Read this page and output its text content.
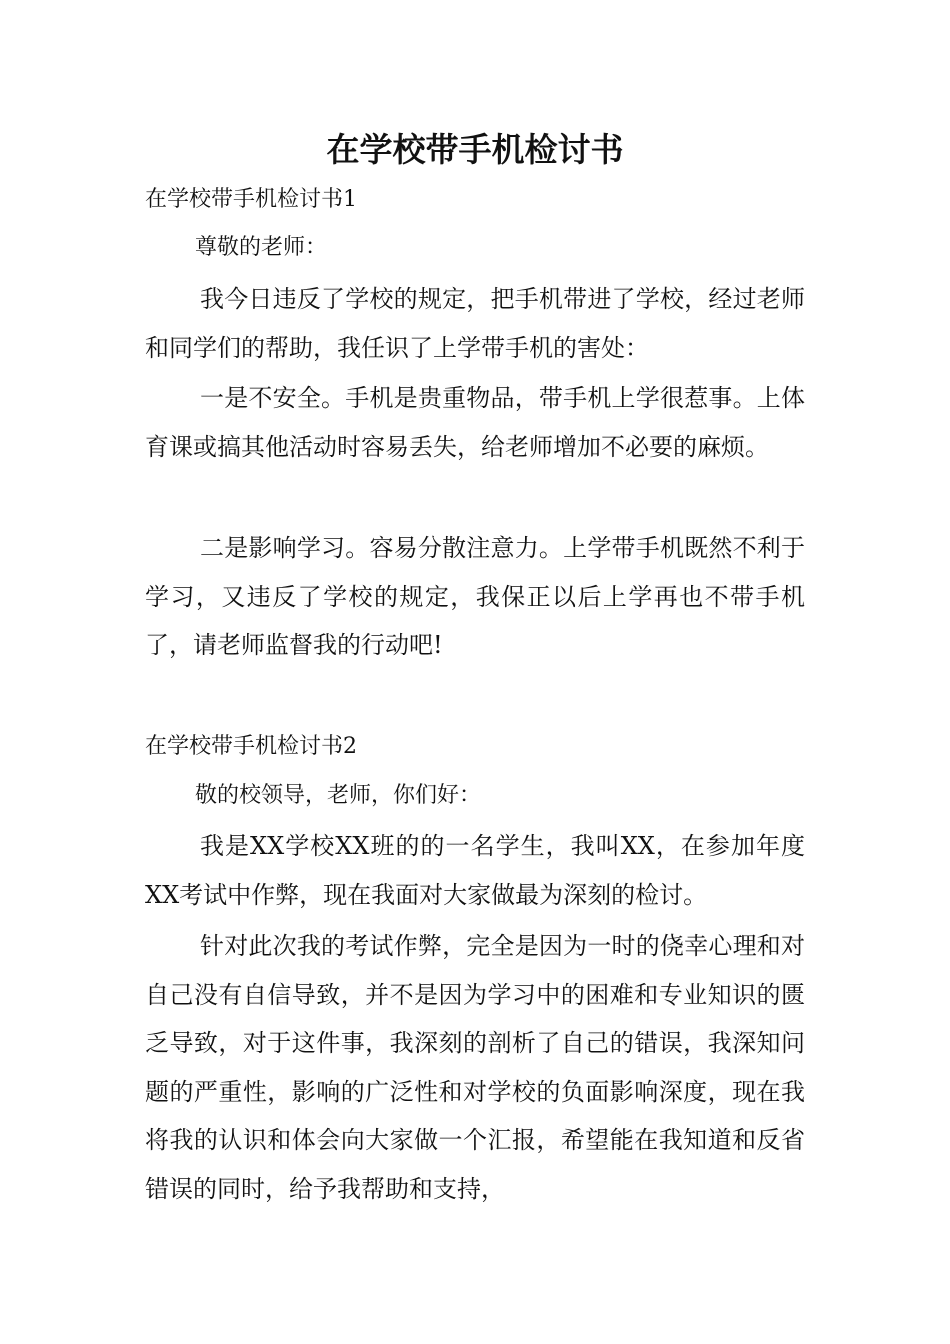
在学校带手机检讨书

在学校带手机检讨书1

尊敬的老师：

我今日违反了学校的规定，把手机带进了学校，经过老师和同学们的帮助，我任识了上学带手机的害处：

一是不安全。手机是贵重物品，带手机上学很惹事。上体育课或搞其他活动时容易丢失，给老师增加不必要的麻烦。

二是影响学习。容易分散注意力。上学带手机既然不利于学习，又违反了学校的规定，我保正以后上学再也不带手机了，请老师监督我的行动吧!

在学校带手机检讨书2

敬的校领导，老师，你们好：

我是XX学校XX班的的一名学生，我叫XX，在参加年度XX考试中作弊，现在我面对大家做最为深刻的检讨。

针对此次我的考试作弊，完全是因为一时的侥幸心理和对自己没有自信导致，并不是因为学习中的困难和专业知识的匮乏导致，对于这件事，我深刻的剖析了自己的错误，我深知问题的严重性，影响的广泛性和对学校的负面影响深度，现在我将我的认识和体会向大家做一个汇报，希望能在我知道和反省错误的同时，给予我帮助和支持，
